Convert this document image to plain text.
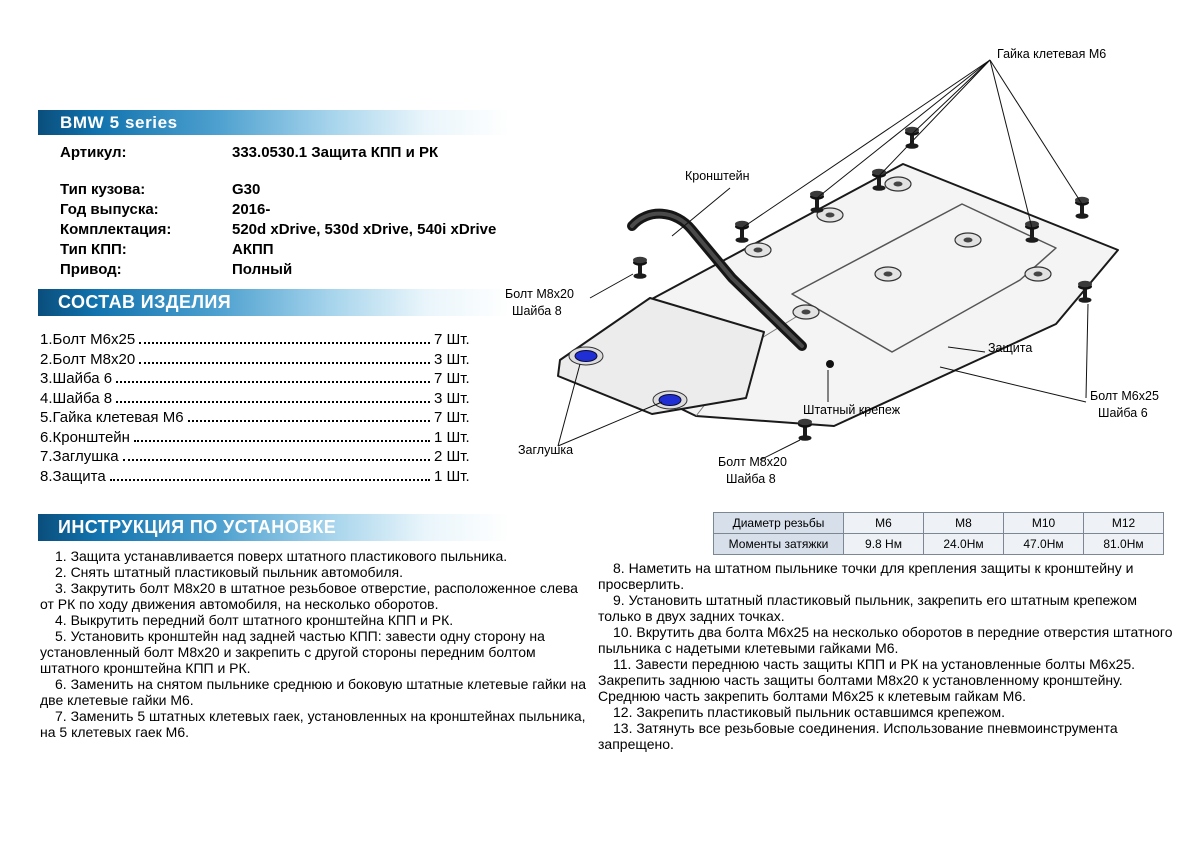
BMW 5 series
Артикул:	333.0530.1 Защита КПП и РК
Тип кузова:	G30
Год выпуска:	2016-
Комплектация:	520d xDrive, 530d xDrive, 540i xDrive
Тип КПП:	АКПП
Привод:	Полный
СОСТАВ ИЗДЕЛИЯ
1.Болт М6х25	7 Шт.
2.Болт М8х20	3 Шт.
3.Шайба 6	7 Шт.
4.Шайба 8	3 Шт.
5.Гайка клетевая М6	7 Шт.
6.Кронштейн	1 Шт.
7.Заглушка	2 Шт.
8.Защита	1 Шт.
ИНСТРУКЦИЯ ПО УСТАНОВКЕ

1. Защита устанавливается поверх штатного пластикового пыльника.

2. Снять штатный пластиковый пыльник автомобиля.

3. Закрутить болт М8х20 в штатное резьбовое отверстие, расположенное слева от РК по ходу движения автомобиля, на несколько оборотов.

4. Выкрутить передний болт штатного кронштейна КПП и РК.

5. Установить кронштейн над задней частью КПП: завести одну сторону на установленный болт М8х20 и закрепить с другой стороны передним болтом штатного кронштейна КПП и РК.

6. Заменить на снятом пыльнике среднюю и боковую штатные клетевые гайки на две клетевые гайки М6.

7. Заменить 5 штатных клетевых гаек, установленных на кронштейнах пыльника, на 5 клетевых гаек М6.

8. Наметить на штатном пыльнике точки для крепления защиты к кронштейну и просверлить.

9. Установить штатный пластиковый пыльник, закрепить его штатным крепежом только в двух задних точках.

10. Вкрутить два болта М6х25 на несколько оборотов в передние отверстия штатного пыльника с надетыми клетевыми гайками М6.

11. Завести переднюю часть защиты КПП и РК на установленные болты М6х25. Закрепить заднюю часть защиты болтами М8х20 к установленному кронштейну. Среднюю часть закрепить болтами М6х25 к клетевым гайкам М6.

12. Закрепить пластиковый пыльник оставшимся крепежом.

13. Затянуть все резьбовые соединения. Использование пневмоинструмента запрещено.

Диаметр резьбы	М6	М8	М10	М12
Моменты затяжки	9.8 Нм	24.0Нм	47.0Нм	81.0Нм
Гайка клетевая М6
Кронштейн
Болт М8х20
Шайба 8
Защита
Штатный крепеж
Болт М6х25
Шайба 6
Заглушка
Болт М8х20
Шайба 8
